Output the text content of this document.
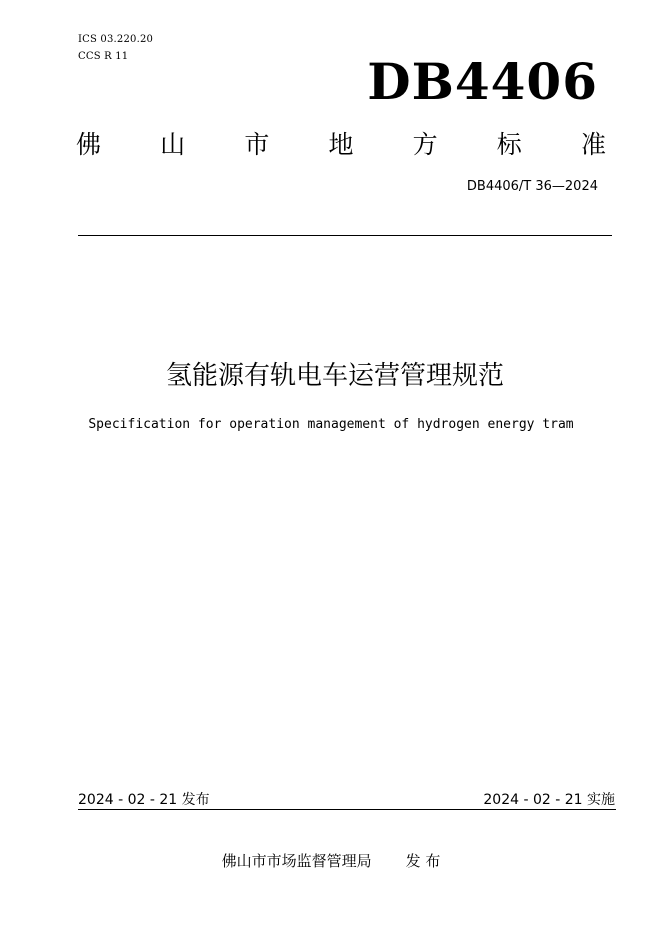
ICS 03.220.20
CCS R 11	DB4406
佛 山 市 地 方 标 准
DB4406/T 36—2024
氢能源有轨电车运营管理规范
Specification for operation management of hydrogen energy tram
2024 - 02 - 21 发布	2024 - 02 - 21 实施
佛山市市场监督管理局 发 布
